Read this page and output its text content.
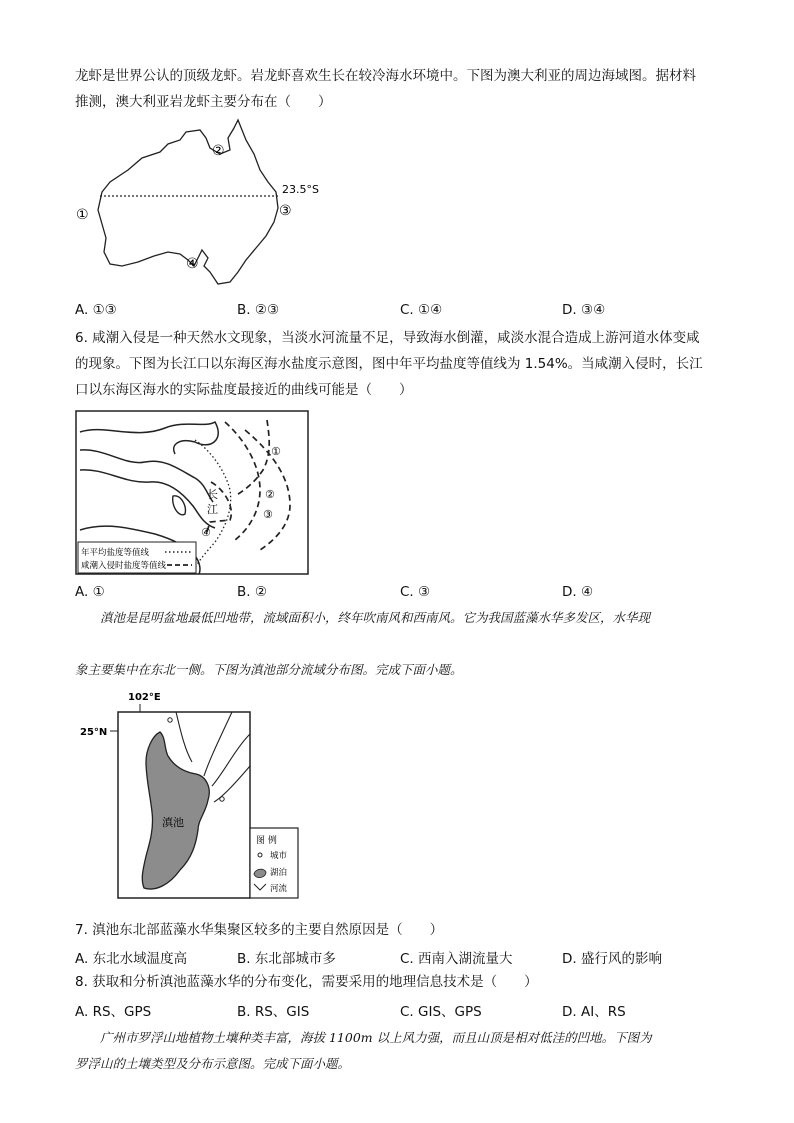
龙虾是世界公认的顶级龙虾。岩龙虾喜欢生长在较冷海水环境中。下图为澳大利亚的周边海域图。据材料
推测，澳大利亚岩龙虾主要分布在（　　）
23.5°S
①
②
③
④
A. ①③	B. ②③	C. ①④	D. ③④
6. 咸潮入侵是一种天然水文现象，当淡水河流量不足，导致海水倒灌，咸淡水混合造成上游河道水体变咸
的现象。下图为长江口以东海区海水盐度示意图，图中年平均盐度等值线为 1.54%。当咸潮入侵时，长江
口以东海区海水的实际盐度最接近的曲线可能是（　　）
①
②
③
④
长
江
年平均盐度等值线
咸潮入侵时盐度等值线
A. ①	B. ②	C. ③	D. ④
滇池是昆明盆地最低凹地带，流域面积小，终年吹南风和西南风。它为我国蓝藻水华多发区，水华现
象主要集中在东北一侧。下图为滇池部分流域分布图。完成下面小题。
102°E
25°N
滇池
图 例
城市
湖泊
河流
7. 滇池东北部蓝藻水华集聚区较多的主要自然原因是（　　）
A. 东北水域温度高	B. 东北部城市多	C. 西南入湖流量大	D. 盛行风的影响
8. 获取和分析滇池蓝藻水华的分布变化，需要采用的地理信息技术是（　　）
A. RS、GPS	B. RS、GIS	C. GIS、GPS	D. AI、RS
广州市罗浮山地植物土壤种类丰富，海拔 1100m 以上风力强，而且山顶是相对低洼的凹地。下图为
罗浮山的土壤类型及分布示意图。完成下面小题。
